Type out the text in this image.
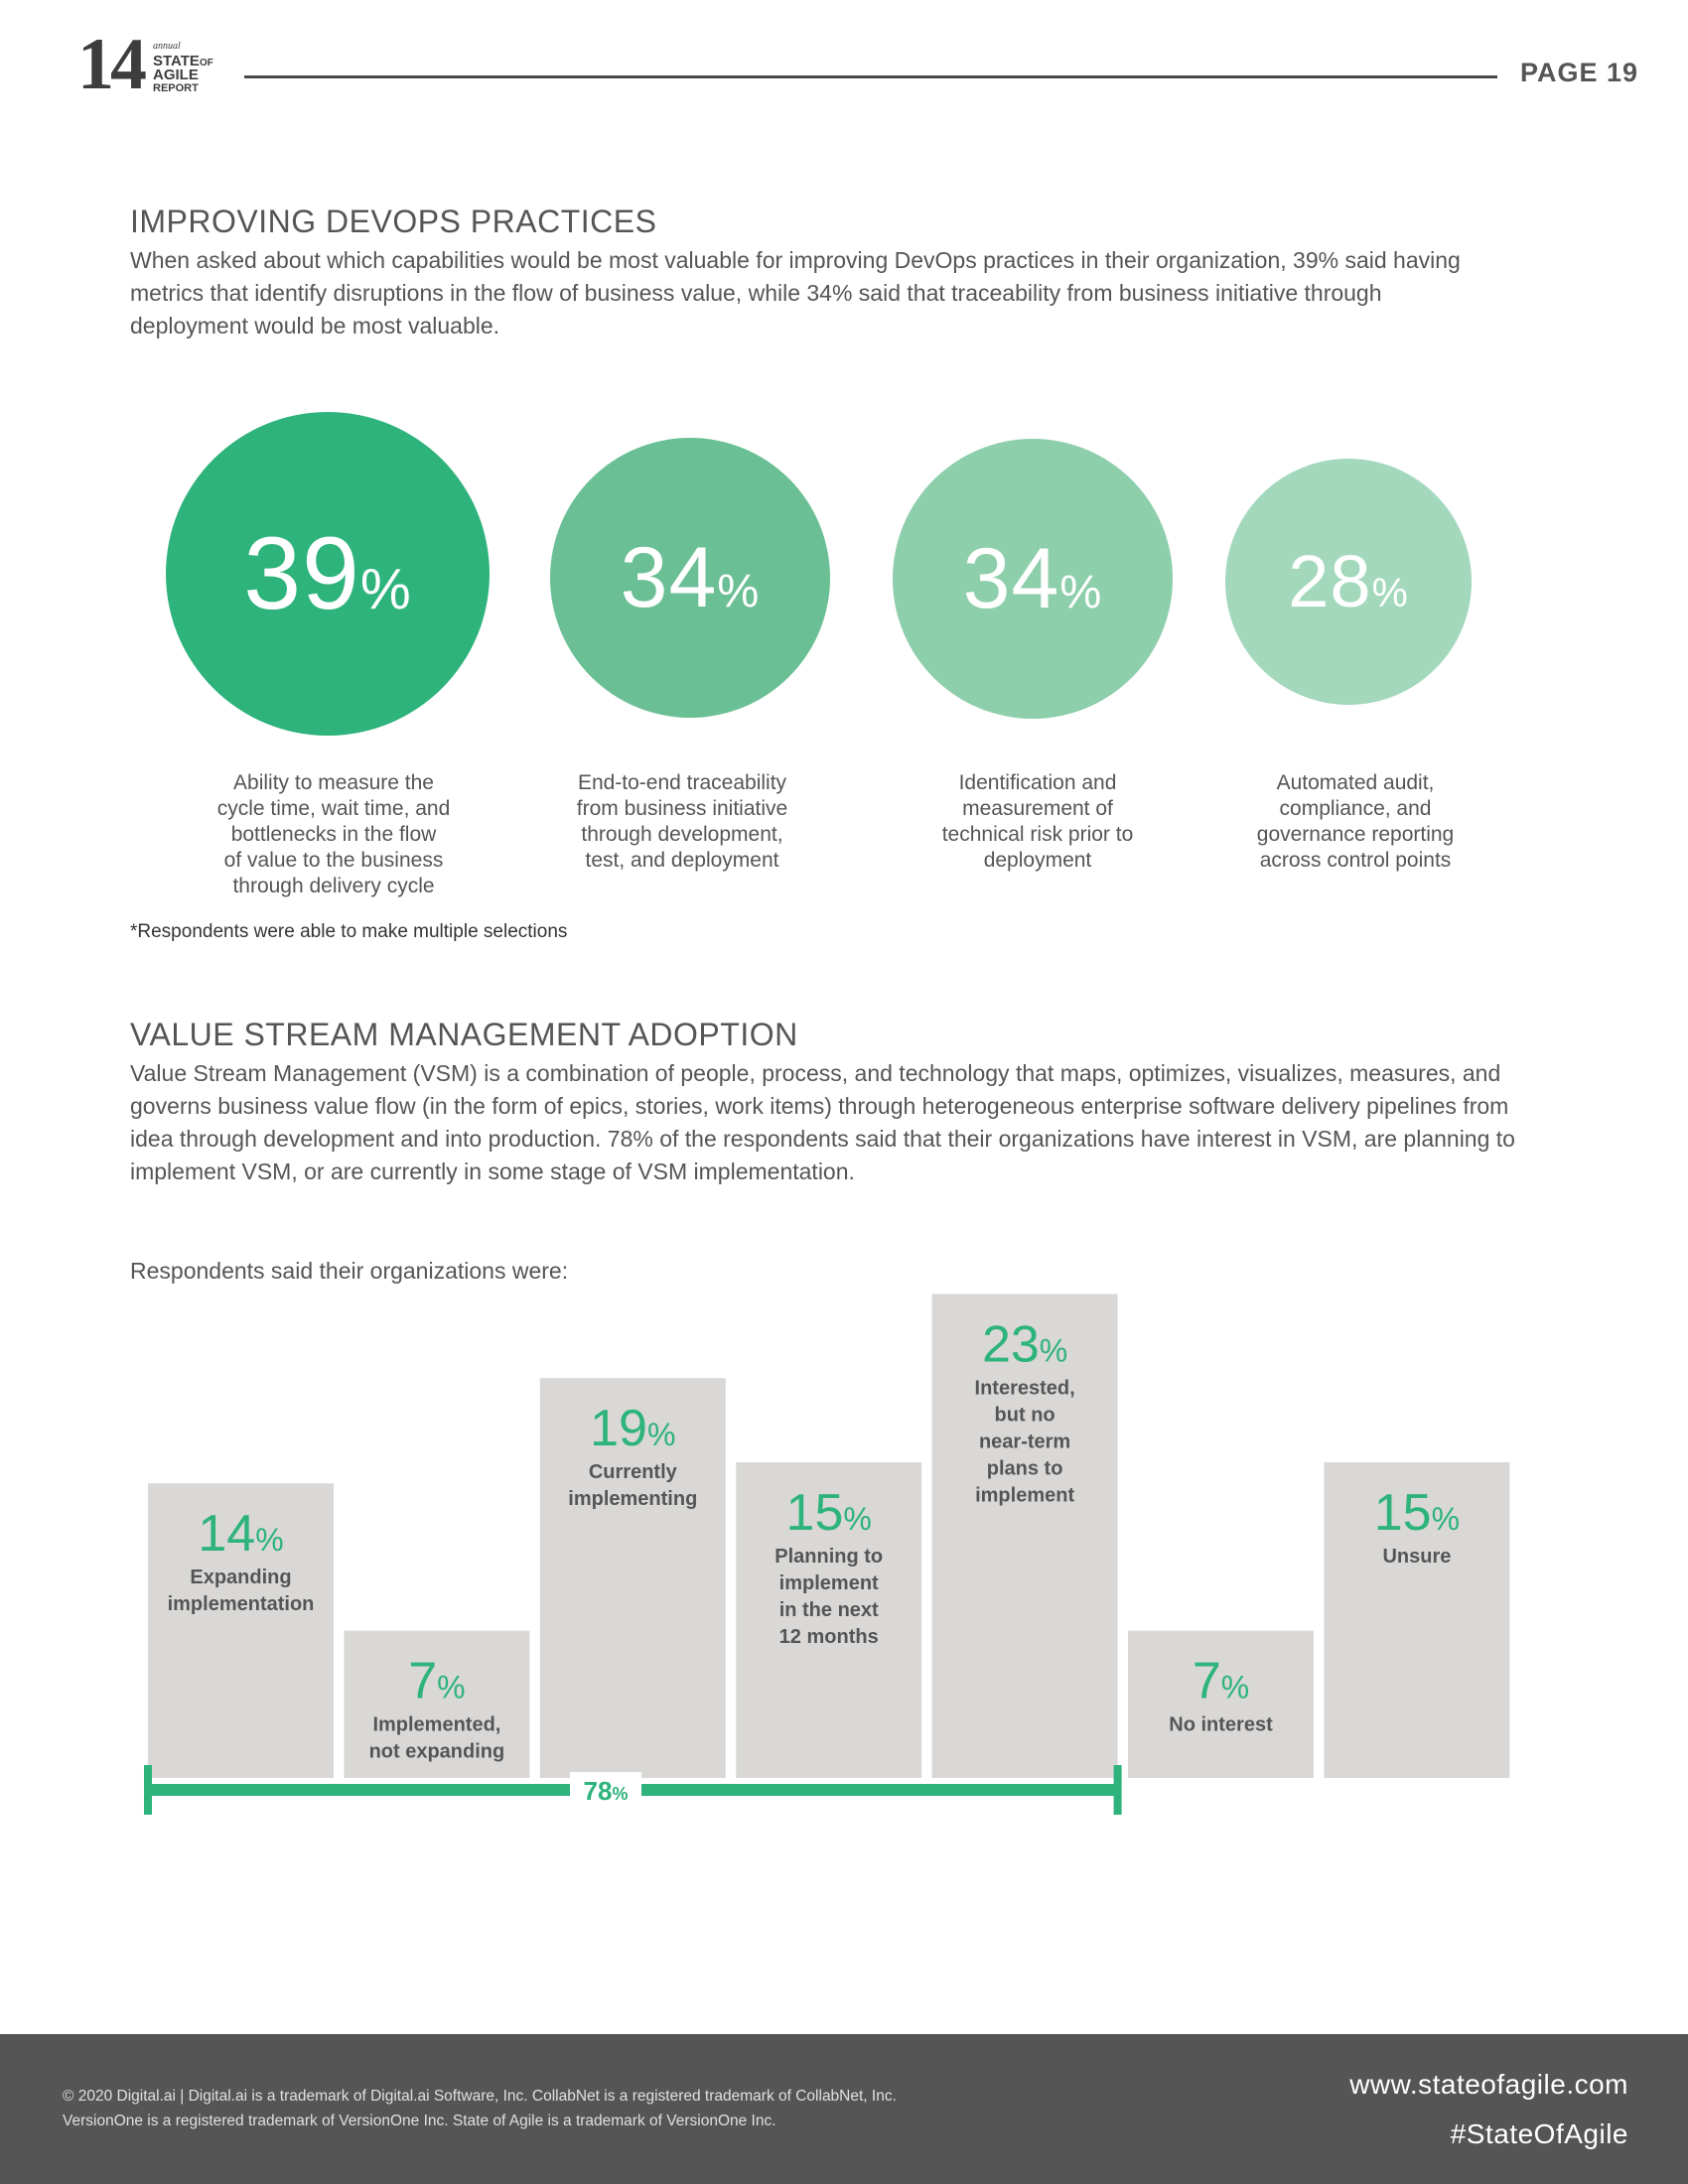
14 annual
STATEOF
AGILE
REPORT
PAGE 19
IMPROVING DEVOPS PRACTICES

When asked about which capabilities would be most valuable for improving DevOps practices in their organization, 39% said having metrics that identify disruptions in the flow of business value, while 34% said that traceability from business initiative through deployment would be most valuable.

39%
Ability to measure the
cycle time, wait time, and
bottlenecks in the flow
of value to the business
through delivery cycle
34%
End-to-end traceability
from business initiative
through development,
test, and deployment
34%
Identification and
measurement of
technical risk prior to
deployment
28%
Automated audit,
compliance, and
governance reporting
across control points
*Respondents were able to make multiple selections
VALUE STREAM MANAGEMENT ADOPTION

Value Stream Management (VSM) is a combination of people, process, and technology that maps, optimizes, visualizes, measures, and governs business value flow (in the form of epics, stories, work items) through heterogeneous enterprise software delivery pipelines from idea through development and into production. 78% of the respondents said that their organizations have interest in VSM, are planning to implement VSM, or are currently in some stage of VSM implementation.

Respondents said their organizations were:

14%
Expanding
implementation
7%
Implemented,
not expanding
19%
Currently
implementing 15%
Planning to
implement
in the next
12 months
23%
Interested,
but no
near-term
plans to
implement
7%
No interest
15%
Unsure
78%
© 2020 Digital.ai | Digital.ai is a trademark of Digital.ai Software, Inc. CollabNet is a registered trademark of CollabNet, Inc.
VersionOne is a registered trademark of VersionOne Inc. State of Agile is a trademark of VersionOne Inc.
www.stateofagile.com
#StateOfAgile
